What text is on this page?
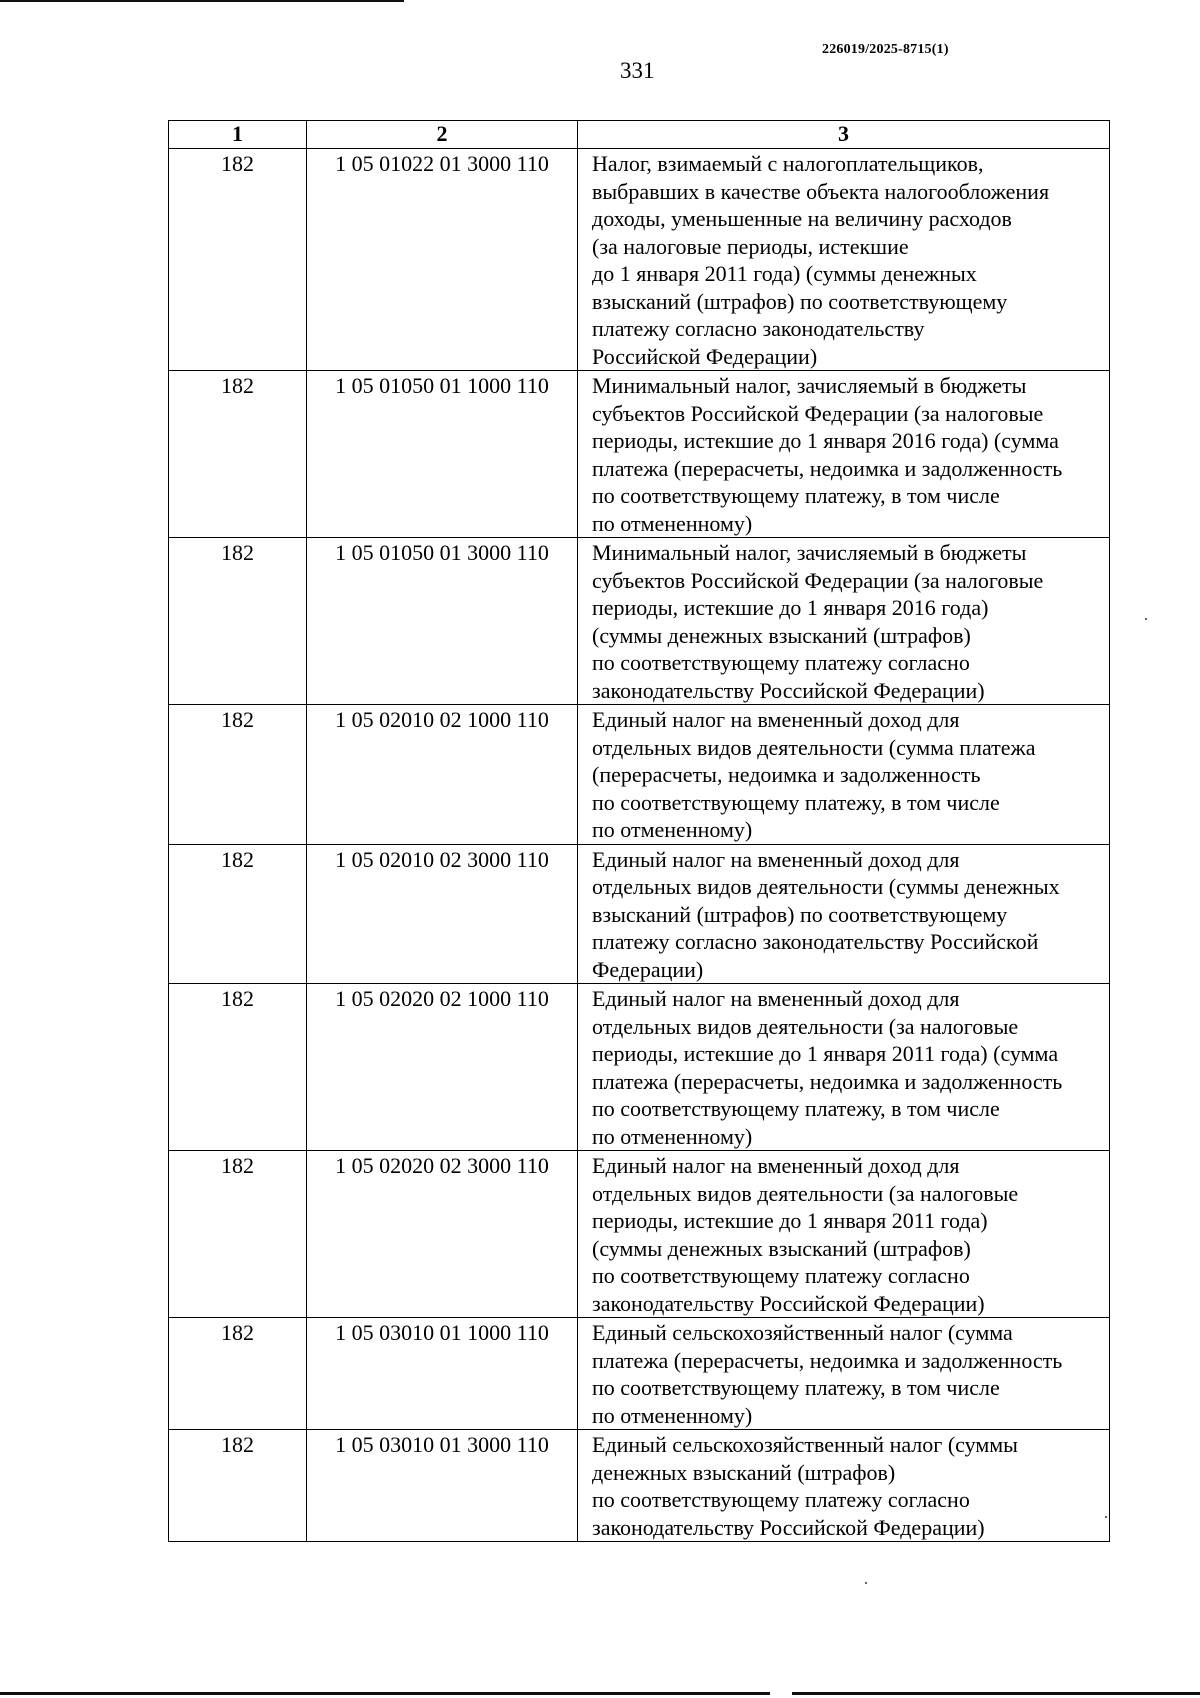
226019/2025-8715(1)
331
1	2	3
182	1 05 01022 01 3000 110	Налог, взимаемый с налогоплательщиков,
выбравших в качестве объекта налогообложения
доходы, уменьшенные на величину расходов
(за налоговые периоды, истекшие
до 1 января 2011 года) (суммы денежных
взысканий (штрафов) по соответствующему
платежу согласно законодательству
Российской Федерации)
182	1 05 01050 01 1000 110	Минимальный налог, зачисляемый в бюджеты
субъектов Российской Федерации (за налоговые
периоды, истекшие до 1 января 2016 года) (сумма
платежа (перерасчеты, недоимка и задолженность
по соответствующему платежу, в том числе
по отмененному)
182	1 05 01050 01 3000 110	Минимальный налог, зачисляемый в бюджеты
субъектов Российской Федерации (за налоговые
периоды, истекшие до 1 января 2016 года)
(суммы денежных взысканий (штрафов)
по соответствующему платежу согласно
законодательству Российской Федерации)
182	1 05 02010 02 1000 110	Единый налог на вмененный доход для
отдельных видов деятельности (сумма платежа
(перерасчеты, недоимка и задолженность
по соответствующему платежу, в том числе
по отмененному)
182	1 05 02010 02 3000 110	Единый налог на вмененный доход для
отдельных видов деятельности (суммы денежных
взысканий (штрафов) по соответствующему
платежу согласно законодательству Российской
Федерации)
182	1 05 02020 02 1000 110	Единый налог на вмененный доход для
отдельных видов деятельности (за налоговые
периоды, истекшие до 1 января 2011 года) (сумма
платежа (перерасчеты, недоимка и задолженность
по соответствующему платежу, в том числе
по отмененному)
182	1 05 02020 02 3000 110	Единый налог на вмененный доход для
отдельных видов деятельности (за налоговые
периоды, истекшие до 1 января 2011 года)
(суммы денежных взысканий (штрафов)
по соответствующему платежу согласно
законодательству Российской Федерации)
182	1 05 03010 01 1000 110	Единый сельскохозяйственный налог (сумма
платежа (перерасчеты, недоимка и задолженность
по соответствующему платежу, в том числе
по отмененному)
182	1 05 03010 01 3000 110	Единый сельскохозяйственный налог (суммы
денежных взысканий (штрафов)
по соответствующему платежу согласно
законодательству Российской Федерации)
